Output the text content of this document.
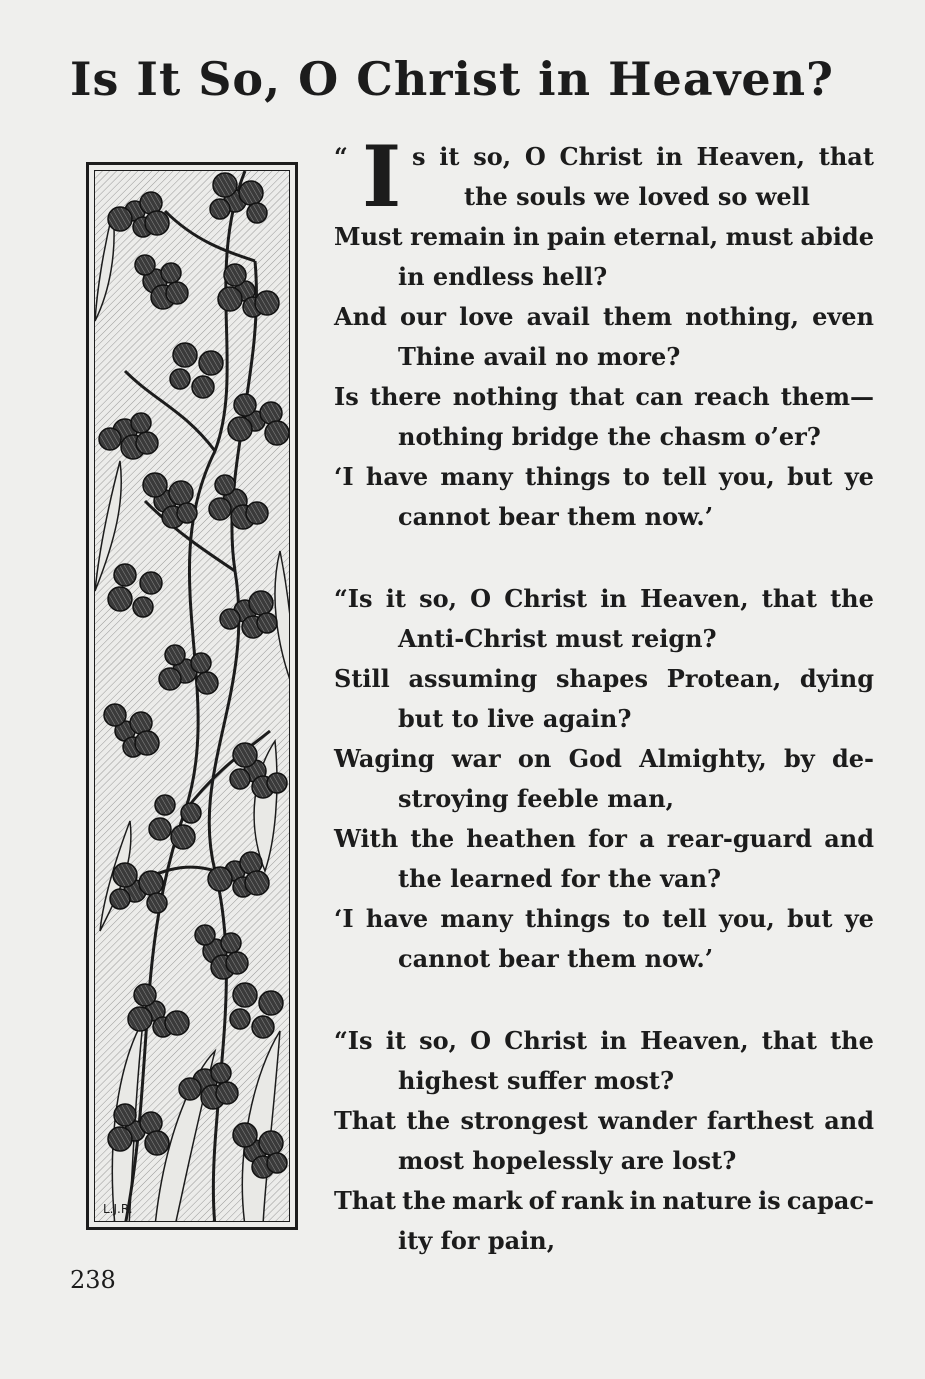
Is It So, O Christ in Heaven?
L.J.R.
“ I s it so, O Christ in Heaven, that
the souls we loved so well
Must remain in pain eternal, must abide
in endless hell?
And our love avail them nothing, even
Thine avail no more?
Is there nothing that can reach them—
nothing bridge the chasm o’er?
‘I have many things to tell you, but ye
cannot bear them now.’
“Is it so, O Christ in Heaven, that the
Anti-Christ must reign?
Still assuming shapes Protean, dying
but to live again?
Waging war on God Almighty, by de-
stroying feeble man,
With the heathen for a rear-guard and
the learned for the van?
‘I have many things to tell you, but ye
cannot bear them now.’
“Is it so, O Christ in Heaven, that the
highest suffer most?
That the strongest wander farthest and
most hopelessly are lost?
That the mark of rank in nature is capac-
ity for pain,
238
